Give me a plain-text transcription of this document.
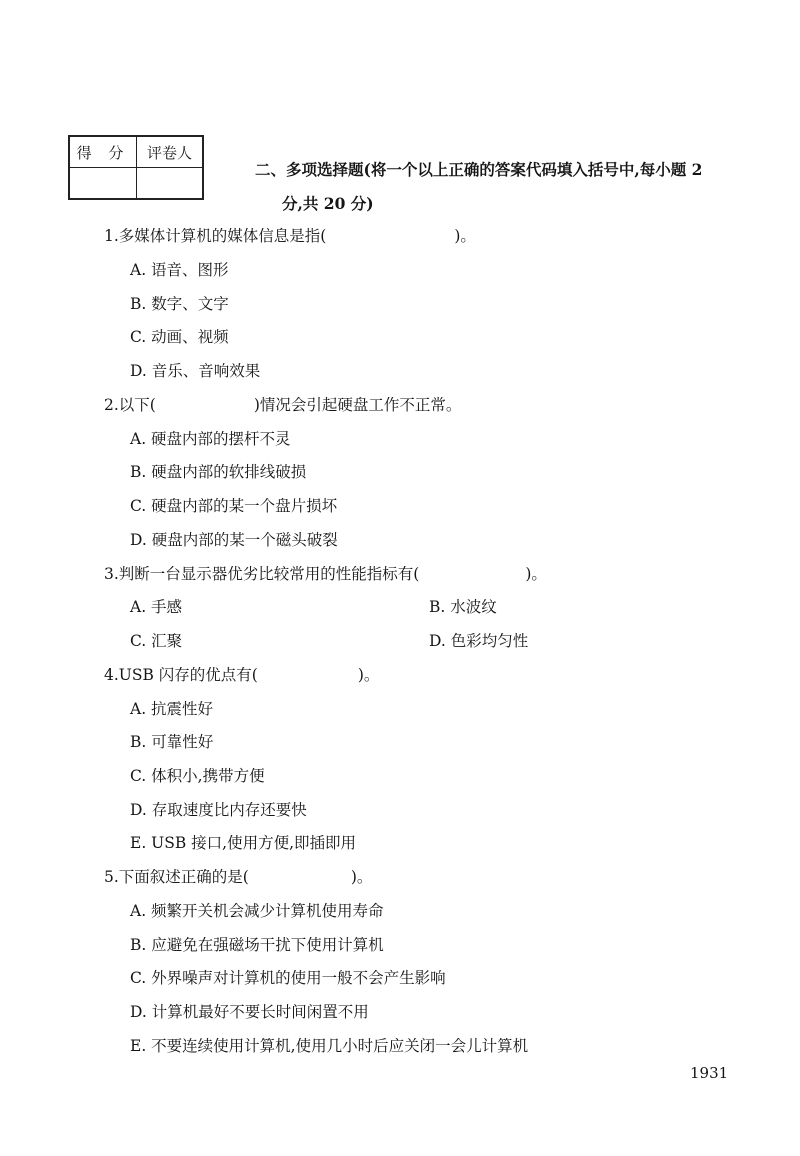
得 分	评卷人

二、多项选择题(将一个以上正确的答案代码填入括号中,每小题 2
分,共 20 分)
1.多媒体计算机的媒体信息是指(	)。
A. 语音、图形
B. 数字、文字
C. 动画、视频
D. 音乐、音响效果
2.以下(	)情况会引起硬盘工作不正常。
A. 硬盘内部的摆杆不灵
B. 硬盘内部的软排线破损
C. 硬盘内部的某一个盘片损坏
D. 硬盘内部的某一个磁头破裂
3.判断一台显示器优劣比较常用的性能指标有(	)。
A. 手感	B. 水波纹
C. 汇聚	D. 色彩均匀性
4.USB 闪存的优点有(	)。
A. 抗震性好
B. 可靠性好
C. 体积小,携带方便
D. 存取速度比内存还要快
E. USB 接口,使用方便,即插即用
5.下面叙述正确的是(	)。
A. 频繁开关机会减少计算机使用寿命
B. 应避免在强磁场干扰下使用计算机
C. 外界噪声对计算机的使用一般不会产生影响
D. 计算机最好不要长时间闲置不用
E. 不要连续使用计算机,使用几小时后应关闭一会儿计算机
1931
